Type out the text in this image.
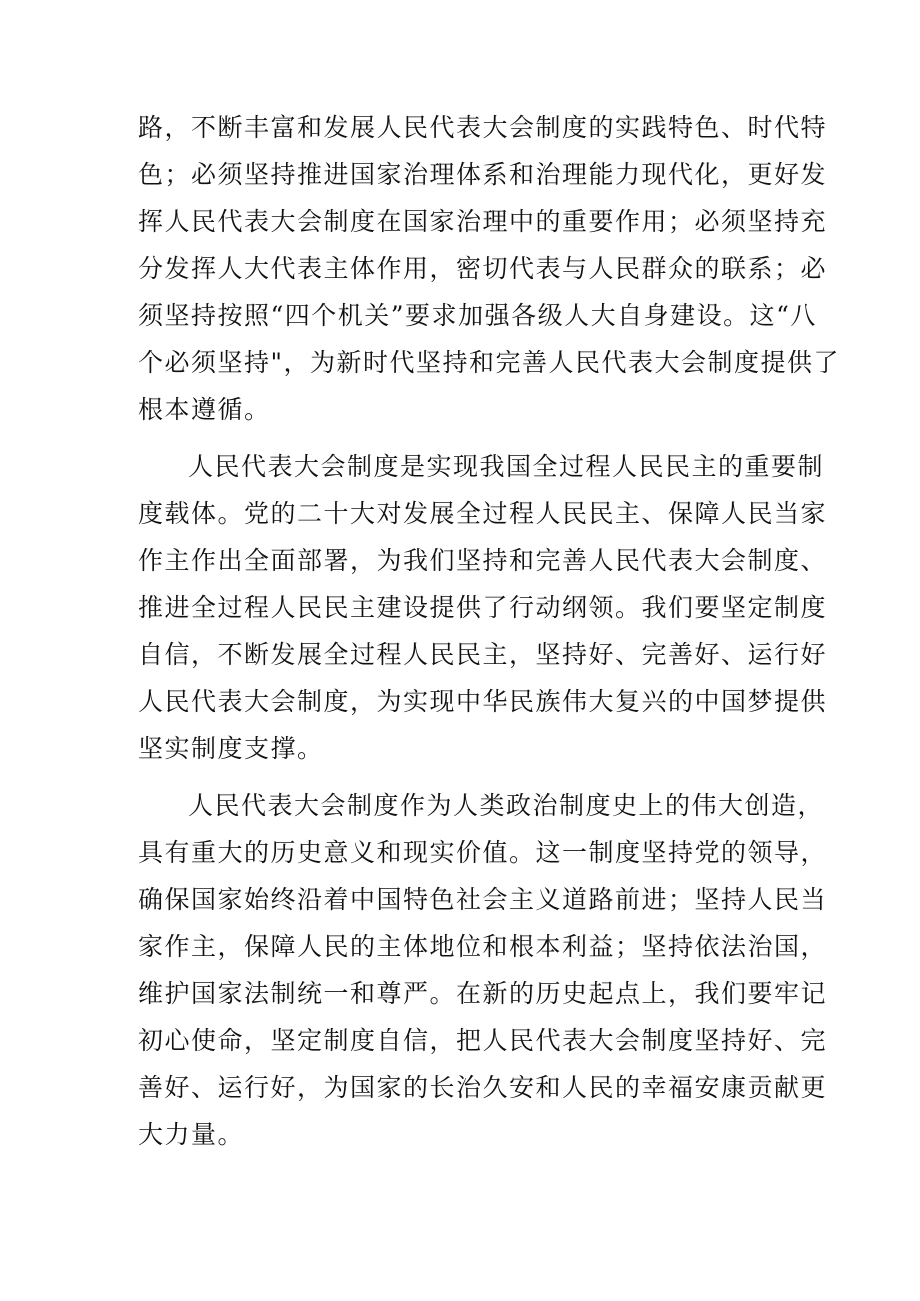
路，不断丰富和发展人民代表大会制度的实践特色、时代特
色；必须坚持推进国家治理体系和治理能力现代化，更好发
挥人民代表大会制度在国家治理中的重要作用；必须坚持充
分发挥人大代表主体作用，密切代表与人民群众的联系；必
须坚持按照“四个机关”要求加强各级人大自身建设。这“八
个必须坚持"，为新时代坚持和完善人民代表大会制度提供了
根本遵循。
人民代表大会制度是实现我国全过程人民民主的重要制
度载体。党的二十大对发展全过程人民民主、保障人民当家
作主作出全面部署，为我们坚持和完善人民代表大会制度、
推进全过程人民民主建设提供了行动纲领。我们要坚定制度
自信，不断发展全过程人民民主，坚持好、完善好、运行好
人民代表大会制度，为实现中华民族伟大复兴的中国梦提供
坚实制度支撑。
人民代表大会制度作为人类政治制度史上的伟大创造，
具有重大的历史意义和现实价值。这一制度坚持党的领导，
确保国家始终沿着中国特色社会主义道路前进；坚持人民当
家作主，保障人民的主体地位和根本利益；坚持依法治国，
维护国家法制统一和尊严。在新的历史起点上，我们要牢记
初心使命，坚定制度自信，把人民代表大会制度坚持好、完
善好、运行好，为国家的长治久安和人民的幸福安康贡献更
大力量。
